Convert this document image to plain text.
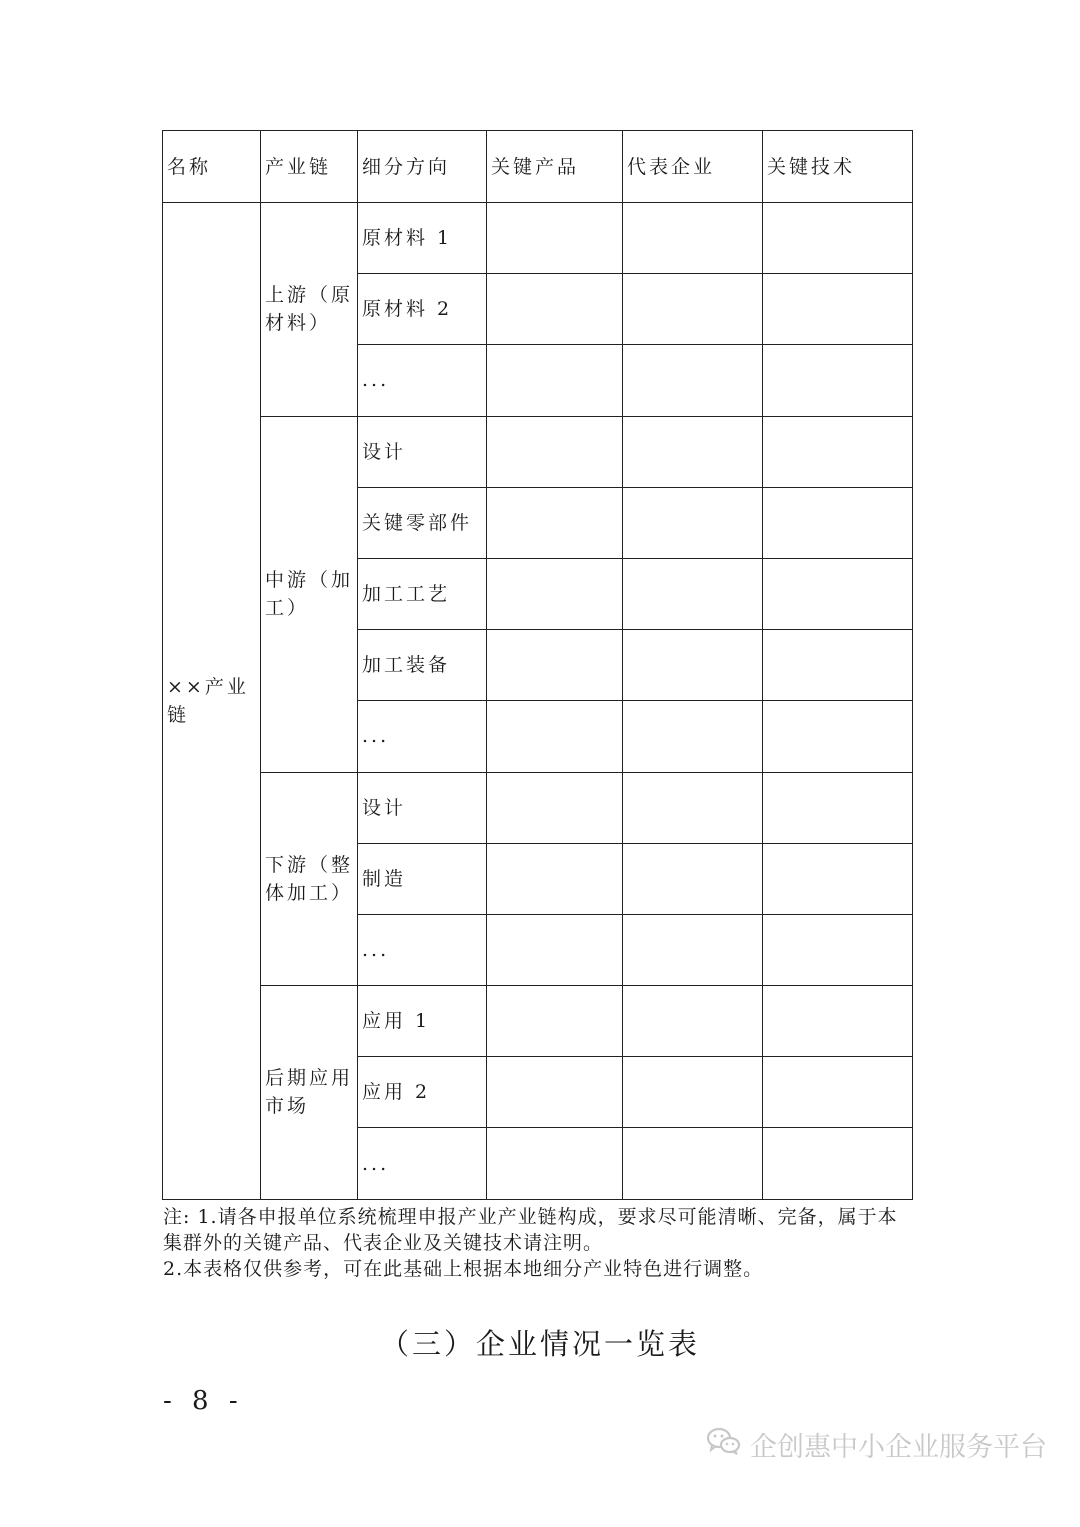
名称	产业链	细分方向	关键产品	代表企业	关键技术
××产业链	上游（原材料）	原材料 1			
		原材料 2			
		...			
	中游（加工）	设计			
		关键零部件			
		加工工艺			
		加工装备			
		...			
	下游（整体加工）	设计			
		制造			
		...			
	后期应用市场	应用 1			
		应用 2			
		...			

注: 1.请各申报单位系统梳理申报产业产业链构成，要求尽可能清晰、完备，属于本集群外的关键产品、代表企业及关键技术请注明。

2.本表格仅供参考，可在此基础上根据本地细分产业特色进行调整。

（三）企业情况一览表
- 8 -
企创惠中小企业服务平台
